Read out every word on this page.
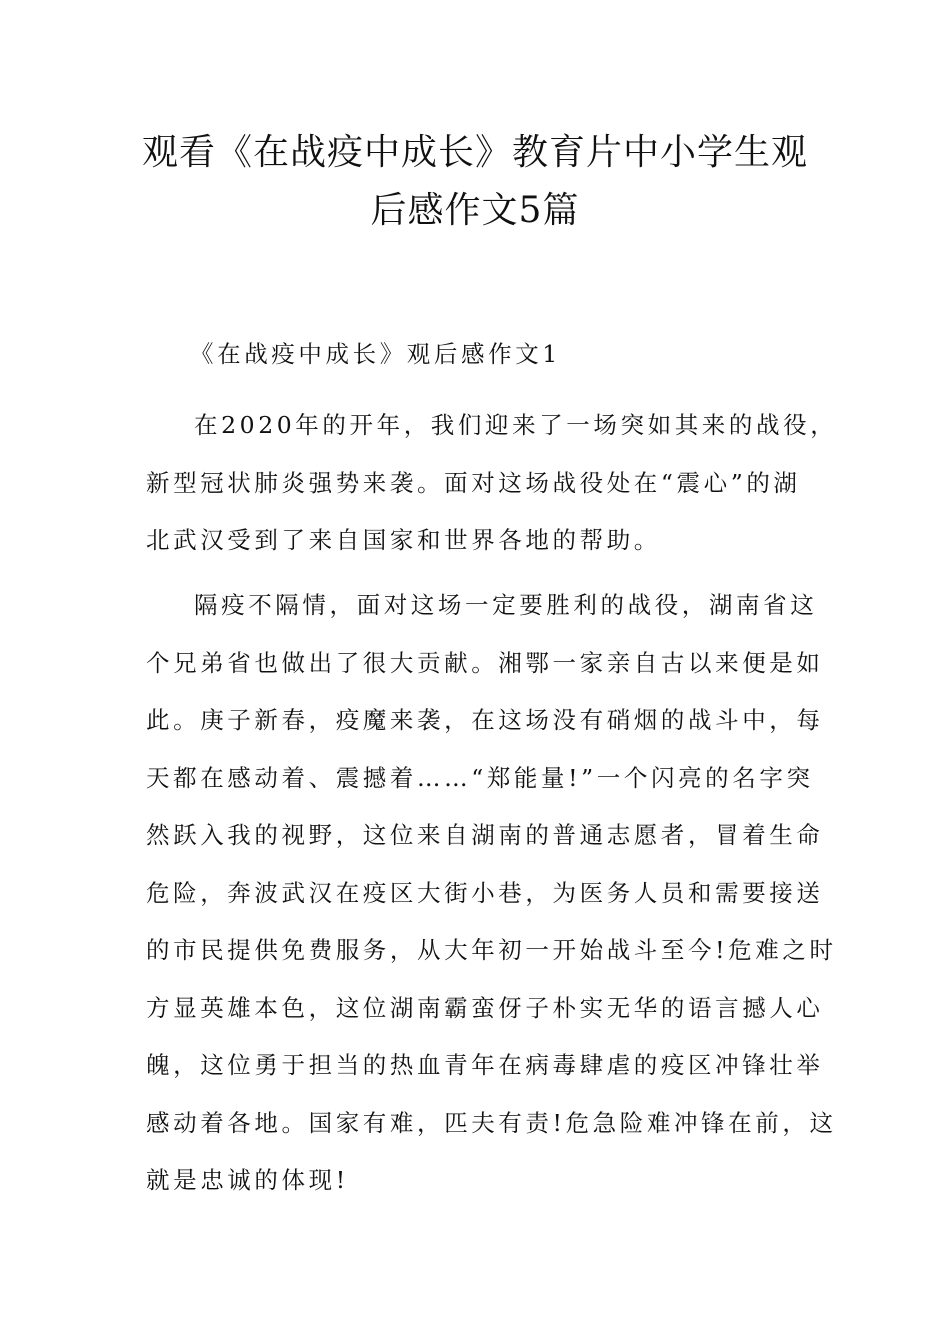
观看《在战疫中成长》教育片中小学生观
后感作文5篇
《在战疫中成长》观后感作文1

在2020年的开年，我们迎来了一场突如其来的战役，
新型冠状肺炎强势来袭。面对这场战役处在“震心”的湖
北武汉受到了来自国家和世界各地的帮助。

隔疫不隔情，面对这场一定要胜利的战役，湖南省这
个兄弟省也做出了很大贡献。湘鄂一家亲自古以来便是如
此。庚子新春，疫魔来袭，在这场没有硝烟的战斗中，每
天都在感动着、震撼着……“郑能量!”一个闪亮的名字突
然跃入我的视野，这位来自湖南的普通志愿者，冒着生命
危险，奔波武汉在疫区大街小巷，为医务人员和需要接送
的市民提供免费服务，从大年初一开始战斗至今!危难之时
方显英雄本色，这位湖南霸蛮伢子朴实无华的语言撼人心
魄，这位勇于担当的热血青年在病毒肆虐的疫区冲锋壮举
感动着各地。国家有难，匹夫有责!危急险难冲锋在前，这
就是忠诚的体现!
